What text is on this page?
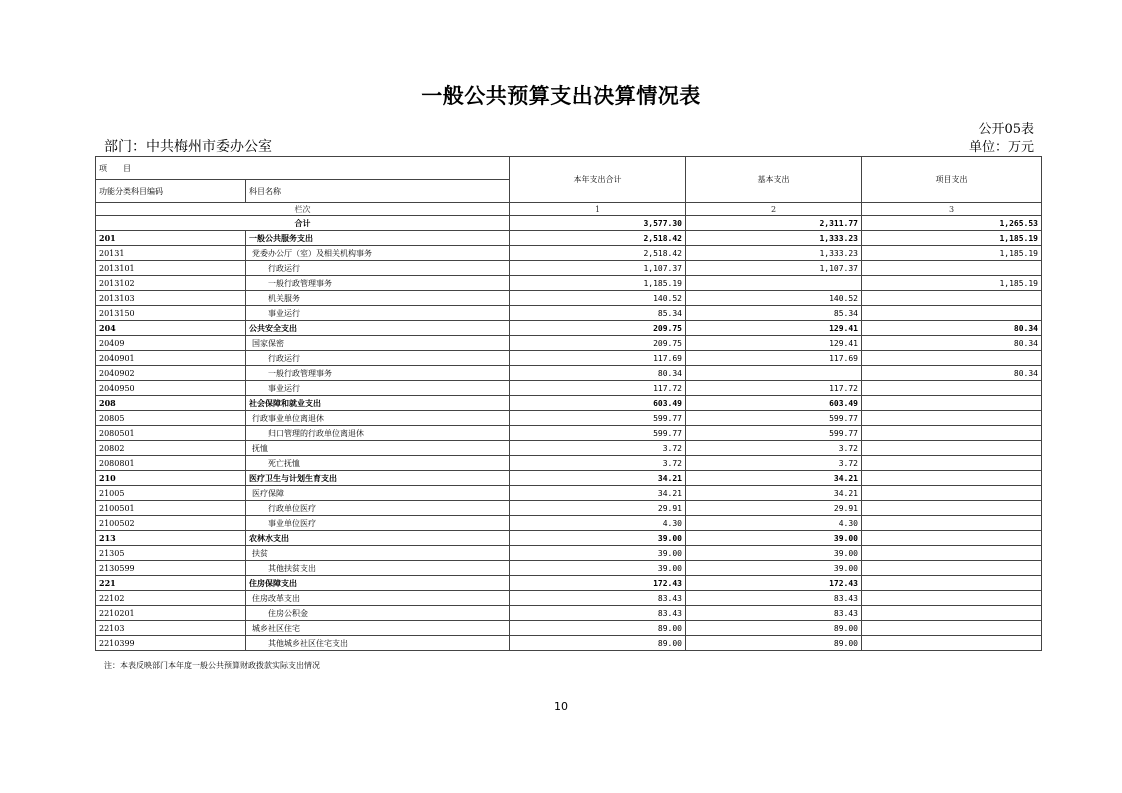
一般公共预算支出决算情况表
公开05表
部门：中共梅州市委办公室	单位：万元
项　　目		本年支出合计	基本支出	项目支出
功能分类科目编码	科目名称			
栏次		1	2	3
合计		3,577.30	2,311.77	1,265.53
201	一般公共服务支出	2,518.42	1,333.23	1,185.19
20131	党委办公厅（室）及相关机构事务	2,518.42	1,333.23	1,185.19
2013101	行政运行	1,107.37	1,107.37	
2013102	一般行政管理事务	1,185.19		1,185.19
2013103	机关服务	140.52	140.52	
2013150	事业运行	85.34	85.34	
204	公共安全支出	209.75	129.41	80.34
20409	国家保密	209.75	129.41	80.34
2040901	行政运行	117.69	117.69	
2040902	一般行政管理事务	80.34		80.34
2040950	事业运行	117.72	117.72	
208	社会保障和就业支出	603.49	603.49	
20805	行政事业单位离退休	599.77	599.77	
2080501	归口管理的行政单位离退休	599.77	599.77	
20802	抚恤	3.72	3.72	
2080801	死亡抚恤	3.72	3.72	
210	医疗卫生与计划生育支出	34.21	34.21	
21005	医疗保障	34.21	34.21	
2100501	行政单位医疗	29.91	29.91	
2100502	事业单位医疗	4.30	4.30	
213	农林水支出	39.00	39.00	
21305	扶贫	39.00	39.00	
2130599	其他扶贫支出	39.00	39.00	
221	住房保障支出	172.43	172.43	
22102	住房改革支出	83.43	83.43	
2210201	住房公积金	83.43	83.43	
22103	城乡社区住宅	89.00	89.00	
2210399	其他城乡社区住宅支出	89.00	89.00	
注：本表反映部门本年度一般公共预算财政拨款实际支出情况
10
